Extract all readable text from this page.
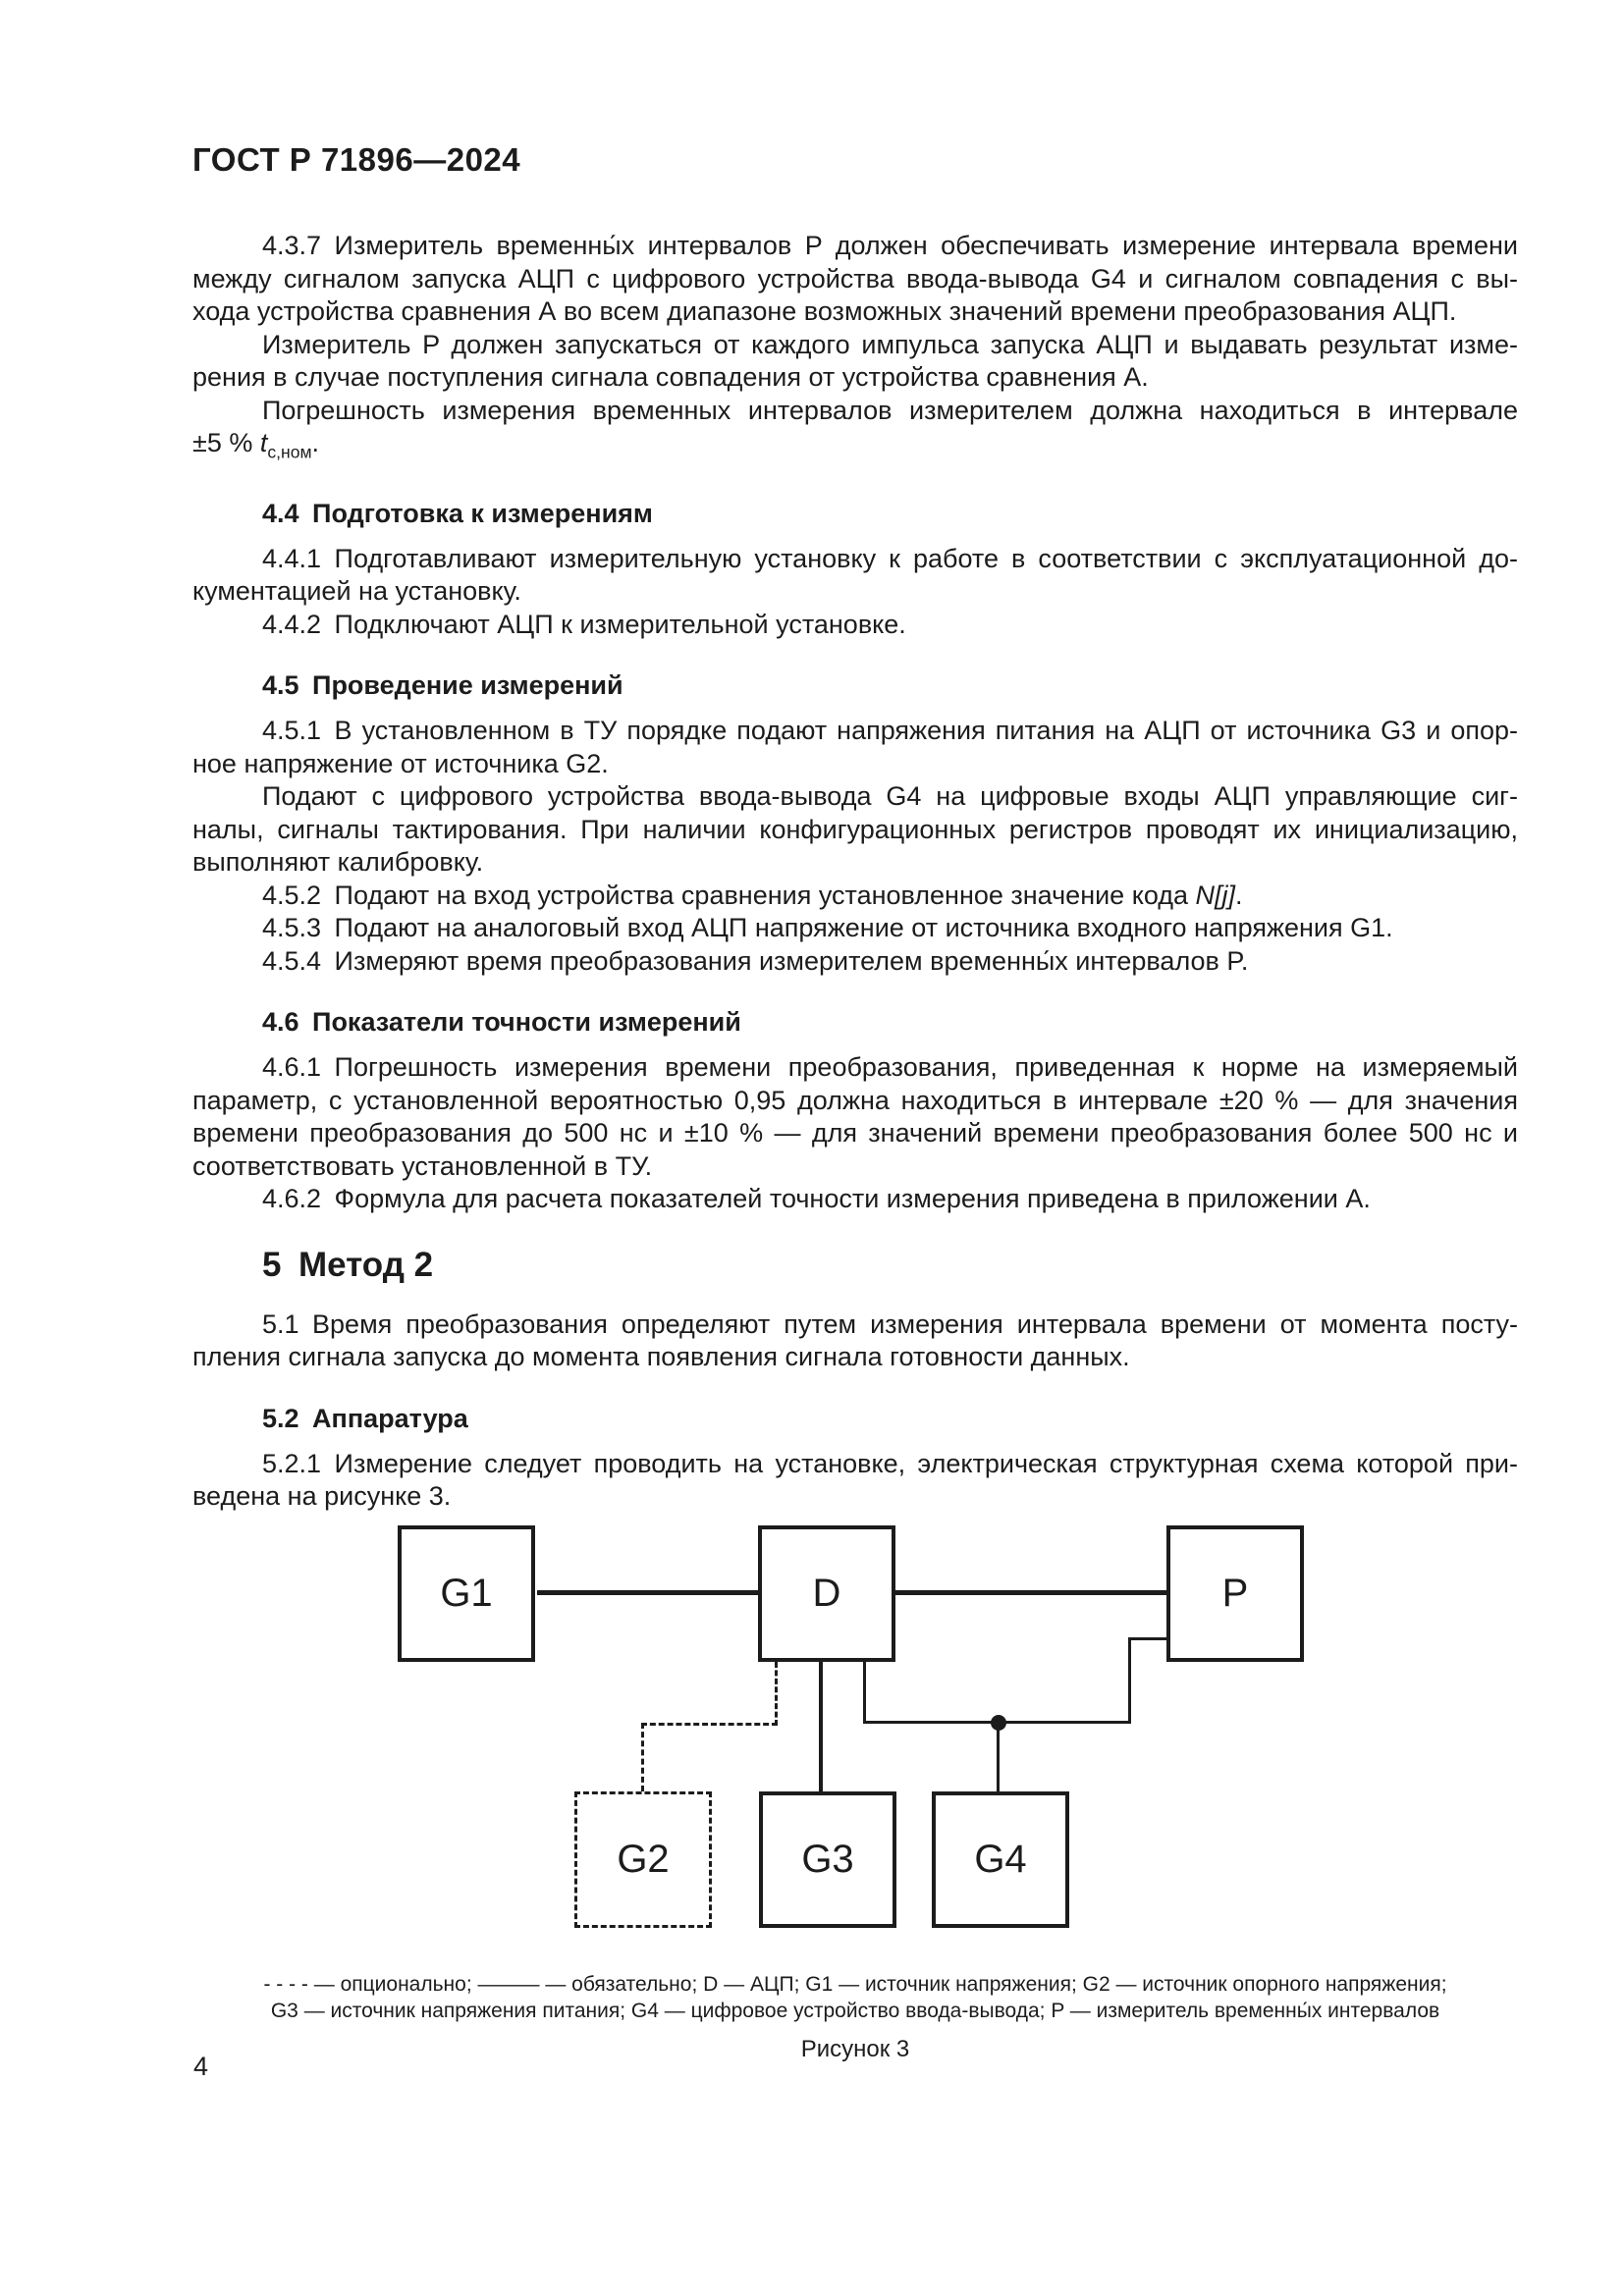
ГОСТ Р 71896—2024

4.3.7 Измеритель временны́х интервалов P должен обеспечивать измерение интервала времени
между сигналом запуска АЦП с цифрового устройства ввода-вывода G4 и сигналом совпадения с вы-
хода устройства сравнения А во всем диапазоне возможных значений времени преобразования АЦП.

Измеритель P должен запускаться от каждого импульса запуска АЦП и выдавать результат изме-
рения в случае поступления сигнала совпадения от устройства сравнения А.

Погрешность измерения временных интервалов измерителем должна находиться в интервале
±5 % $t_{с,ном}$.

4.4 Подготовка к измерениям

4.4.1 Подготавливают измерительную установку к работе в соответствии с эксплуатационной до-
кументацией на установку.

4.4.2 Подключают АЦП к измерительной установке.

4.5 Проведение измерений

4.5.1 В установленном в ТУ порядке подают напряжения питания на АЦП от источника G3 и опор-
ное напряжение от источника G2.

Подают с цифрового устройства ввода-вывода G4 на цифровые входы АЦП управляющие сиг-
налы, сигналы тактирования. При наличии конфигурационных регистров проводят их инициализацию,
выполняют калибровку.

4.5.2 Подают на вход устройства сравнения установленное значение кода N[j].

4.5.3 Подают на аналоговый вход АЦП напряжение от источника входного напряжения G1.

4.5.4 Измеряют время преобразования измерителем временны́х интервалов P.

4.6 Показатели точности измерений

4.6.1 Погрешность измерения времени преобразования, приведенная к норме на измеряемый
параметр, с установленной вероятностью 0,95 должна находиться в интервале ±20 % — для значения
времени преобразования до 500 нс и ±10 % — для значений времени преобразования более 500 нс и
соответствовать установленной в ТУ.

4.6.2 Формула для расчета показателей точности измерения приведена в приложении А.

5 Метод 2

5.1 Время преобразования определяют путем измерения интервала времени от момента посту-
пления сигнала запуска до момента появления сигнала готовности данных.

5.2 Аппаратура

5.2.1 Измерение следует проводить на установке, электрическая структурная схема которой при-
ведена на рисунке 3.

G1	D	P
G2	G3	G4
- - - - — опционально; ——— — обязательно; D — АЦП; G1 — источник напряжения; G2 — источник опорного напряжения;
G3 — источник напряжения питания; G4 — цифровое устройство ввода-вывода; P — измеритель временны́х интервалов
Рисунок 3
4
